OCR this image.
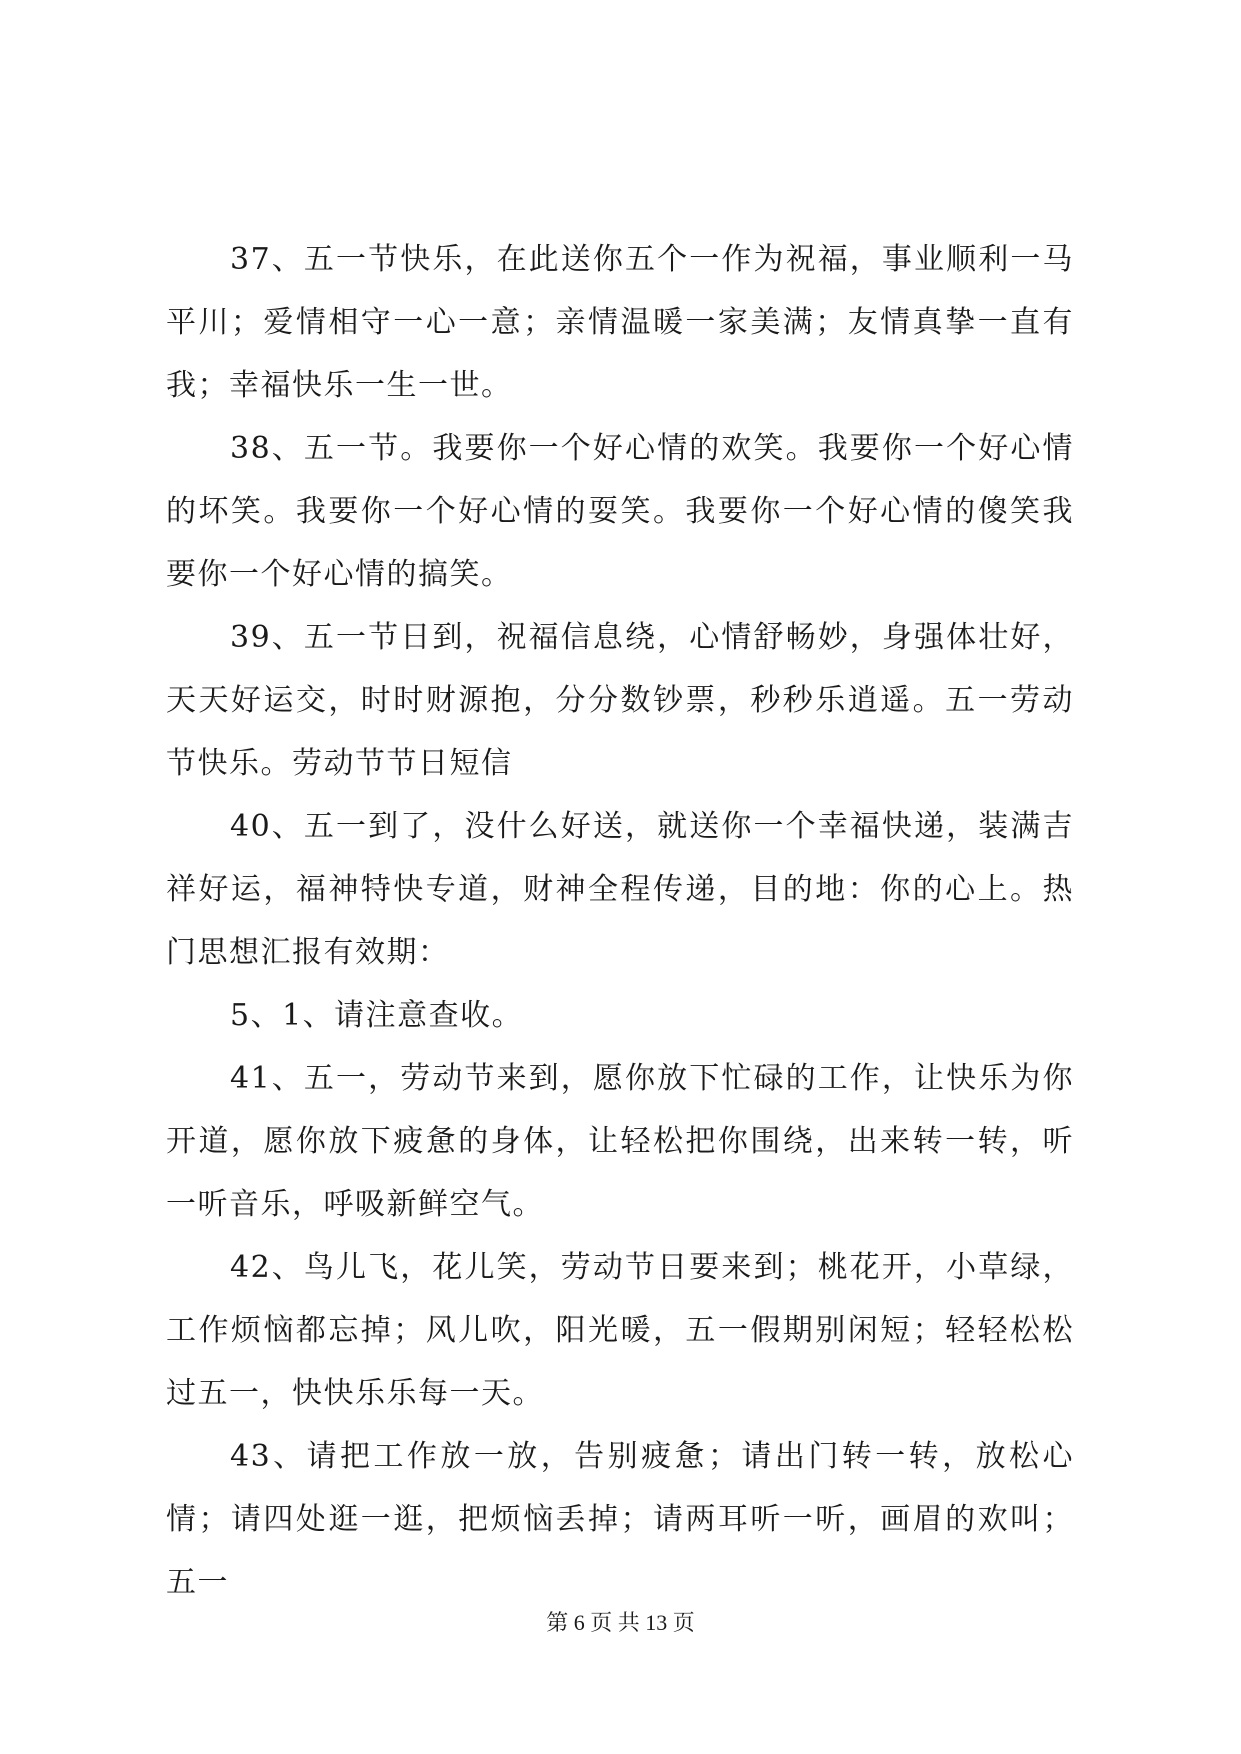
37、五一节快乐，在此送你五个一作为祝福，事业顺利一马平川；爱情相守一心一意；亲情温暖一家美满；友情真挚一直有我；幸福快乐一生一世。

38、五一节。我要你一个好心情的欢笑。我要你一个好心情的坏笑。我要你一个好心情的耍笑。我要你一个好心情的傻笑我要你一个好心情的搞笑。

39、五一节日到，祝福信息绕，心情舒畅妙，身强体壮好，天天好运交，时时财源抱，分分数钞票，秒秒乐逍遥。五一劳动节快乐。劳动节节日短信

40、五一到了，没什么好送，就送你一个幸福快递，装满吉祥好运，福神特快专道，财神全程传递，目的地：你的心上。热门思想汇报有效期：

5、1、请注意查收。

41、五一，劳动节来到，愿你放下忙碌的工作，让快乐为你开道，愿你放下疲惫的身体，让轻松把你围绕，出来转一转，听一听音乐，呼吸新鲜空气。

42、鸟儿飞，花儿笑，劳动节日要来到；桃花开，小草绿，工作烦恼都忘掉；风儿吹，阳光暖，五一假期别闲短；轻轻松松过五一，快快乐乐每一天。

43、请把工作放一放，告别疲惫；请出门转一转，放松心情；请四处逛一逛，把烦恼丢掉；请两耳听一听，画眉的欢叫；五一

第 6 页 共 13 页
